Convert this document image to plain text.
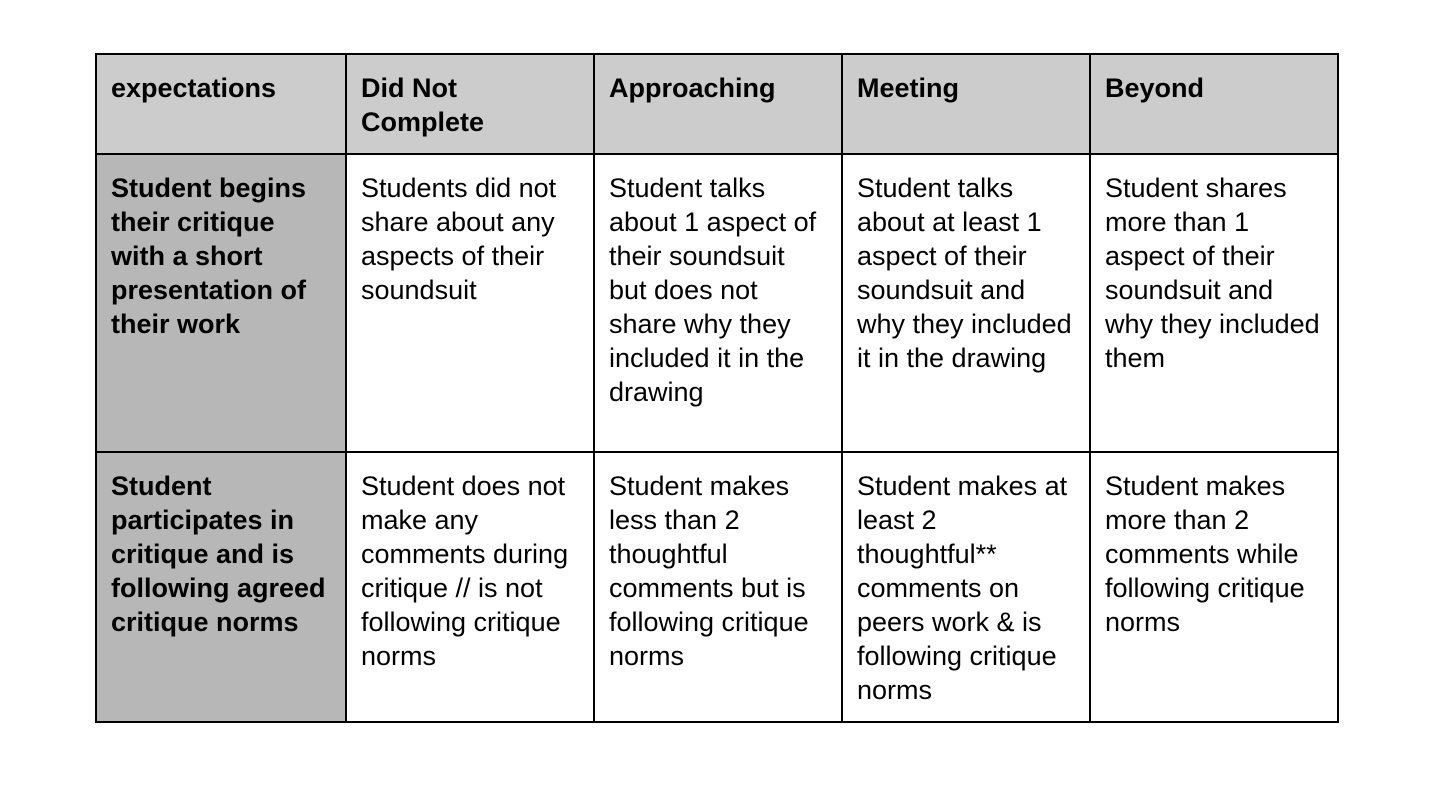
expectations	Did Not Complete	Approaching	Meeting	Beyond
Student begins their critique with a short presentation of their work	Students did not share about any aspects of their soundsuit	Student talks about 1 aspect of their soundsuit but does not share why they included it in the drawing	Student talks about at least 1 aspect of their soundsuit and why they included it in the drawing	Student shares more than 1 aspect of their soundsuit and why they included them
Student participates in critique and is following agreed critique norms	Student does not make any comments during critique // is not following critique norms	Student makes less than 2 thoughtful comments but is following critique norms	Student makes at least 2 thoughtful** comments on peers work & is following critique norms	Student makes more than 2 comments while following critique norms
